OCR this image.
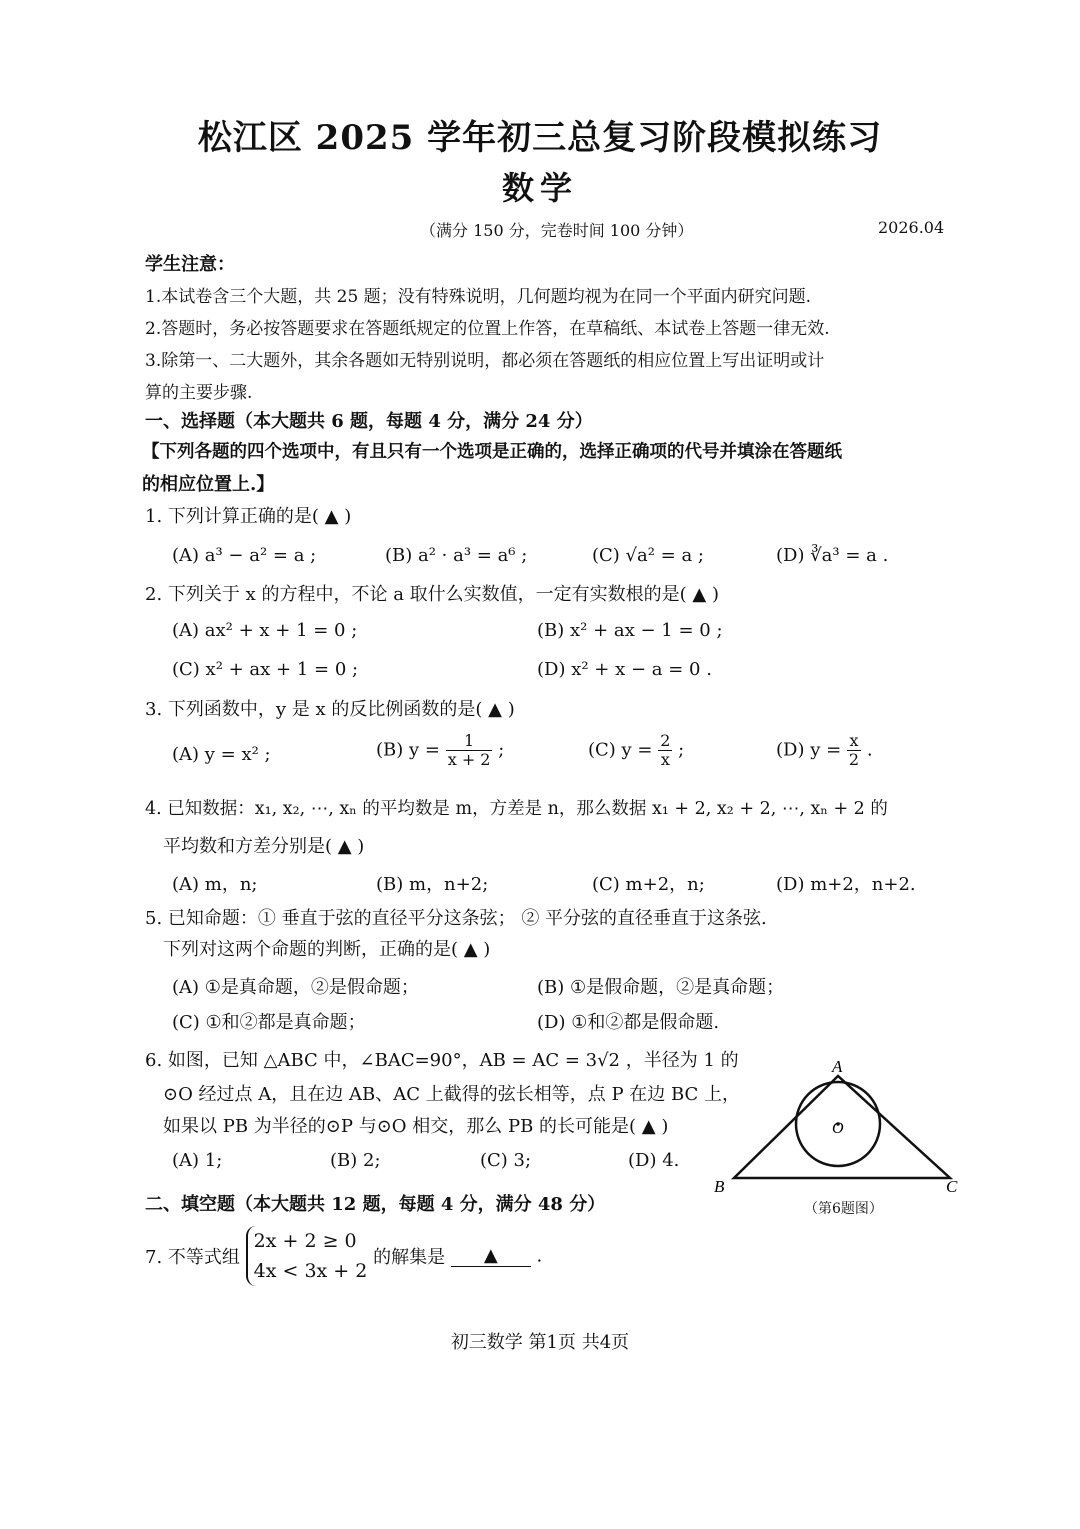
松江区 2025 学年初三总复习阶段模拟练习
数学
（满分 150 分，完卷时间 100 分钟）	2026.04
学生注意：
1.本试卷含三个大题，共 25 题；没有特殊说明，几何题均视为在同一个平面内研究问题.
2.答题时，务必按答题要求在答题纸规定的位置上作答，在草稿纸、本试卷上答题一律无效.
3.除第一、二大题外，其余各题如无特别说明，都必须在答题纸的相应位置上写出证明或计
算的主要步骤.
一、选择题（本大题共 6 题，每题 4 分，满分 24 分）
【下列各题的四个选项中，有且只有一个选项是正确的，选择正确项的代号并填涂在答题纸
的相应位置上.】
1. 下列计算正确的是( ▲ )
(A) a³ − a² = a ;	(B) a² · a³ = a⁶ ;	(C) √a² = a ;	(D) ∛a³ = a .
2. 下列关于 x 的方程中，不论 a 取什么实数值，一定有实数根的是( ▲ )
(A) ax² + x + 1 = 0 ;	(B) x² + ax − 1 = 0 ;
(C) x² + ax + 1 = 0 ;	(D) x² + x − a = 0 .
3. 下列函数中，y 是 x 的反比例函数的是( ▲ )
(A) y = x² ;	(B) $y = \frac{1}{x + 2}$ ;	(C) $y = \frac{2}{x}$ ;	(D) $y = \frac{x}{2}$ .
4. 已知数据：x₁, x₂, ⋯, xₙ 的平均数是 m，方差是 n，那么数据 x₁ + 2, x₂ + 2, ⋯, xₙ + 2 的
平均数和方差分别是( ▲ )
(A) m，n;	(B) m，n+2;	(C) m+2，n;	(D) m+2，n+2.
5. 已知命题：① 垂直于弦的直径平分这条弦； ② 平分弦的直径垂直于这条弦.
下列对这两个命题的判断，正确的是( ▲ )
(A) ①是真命题，②是假命题；	(B) ①是假命题，②是真命题；
(C) ①和②都是真命题；	(D) ①和②都是假命题.
6. 如图，已知 △ABC 中，∠BAC=90°，AB = AC = 3√2 ，半径为 1 的
⊙O 经过点 A，且在边 AB、AC 上截得的弦长相等，点 P 在边 BC 上，
如果以 PB 为半径的⊙P 与⊙O 相交，那么 PB 的长可能是( ▲ )
(A) 1;	(B) 2;	(C) 3;	(D) 4.
A
O
B	C
（第6题图）
二、填空题（本大题共 12 题，每题 4 分，满分 48 分）
7. 不等式组
2x + 2 ≥ 0
4x < 3x + 2
的解集是 ▲ .
初三数学 第1页 共4页
